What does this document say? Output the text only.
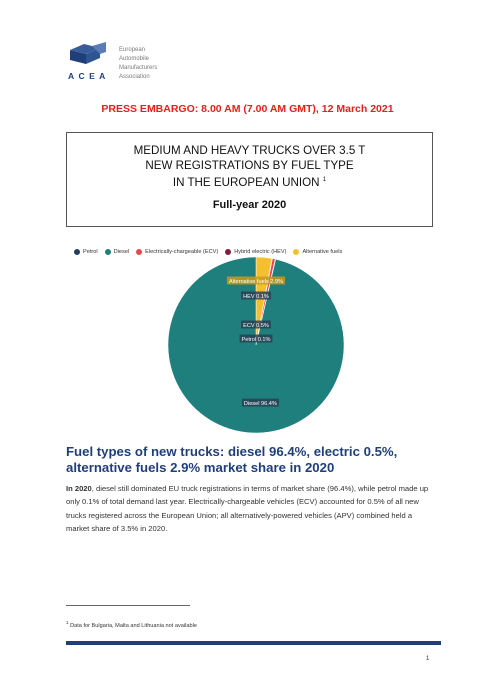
ACEA
European
Automobile
Manufacturers
Association
PRESS EMBARGO: 8.00 AM (7.00 AM GMT), 12 March 2021
MEDIUM AND HEAVY TRUCKS OVER 3.5 T
NEW REGISTRATIONS BY FUEL TYPE
IN THE EUROPEAN UNION $^1$
Full-year 2020
Petrol	Diesel	Electrically-chargeable (ECV)	Hybrid electric (HEV)	Alternative fuels
Alternative fuels 2.9%
HEV 0.1%
ECV 0.5%
Petrol 0.1%
Diesel 96.4%
Fuel types of new trucks: diesel 96.4%, electric 0.5%, alternative fuels 2.9% market share in 2020
In 2020, diesel still dominated EU truck registrations in terms of market share (96.4%), while petrol made up only 0.1% of total demand last year. Electrically-chargeable vehicles (ECV) accounted for 0.5% of all new trucks registered across the European Union; all alternatively-powered vehicles (APV) combined held a market share of 3.5% in 2020.
$^1$ Data for Bulgaria, Malta and Lithuania not available
1
